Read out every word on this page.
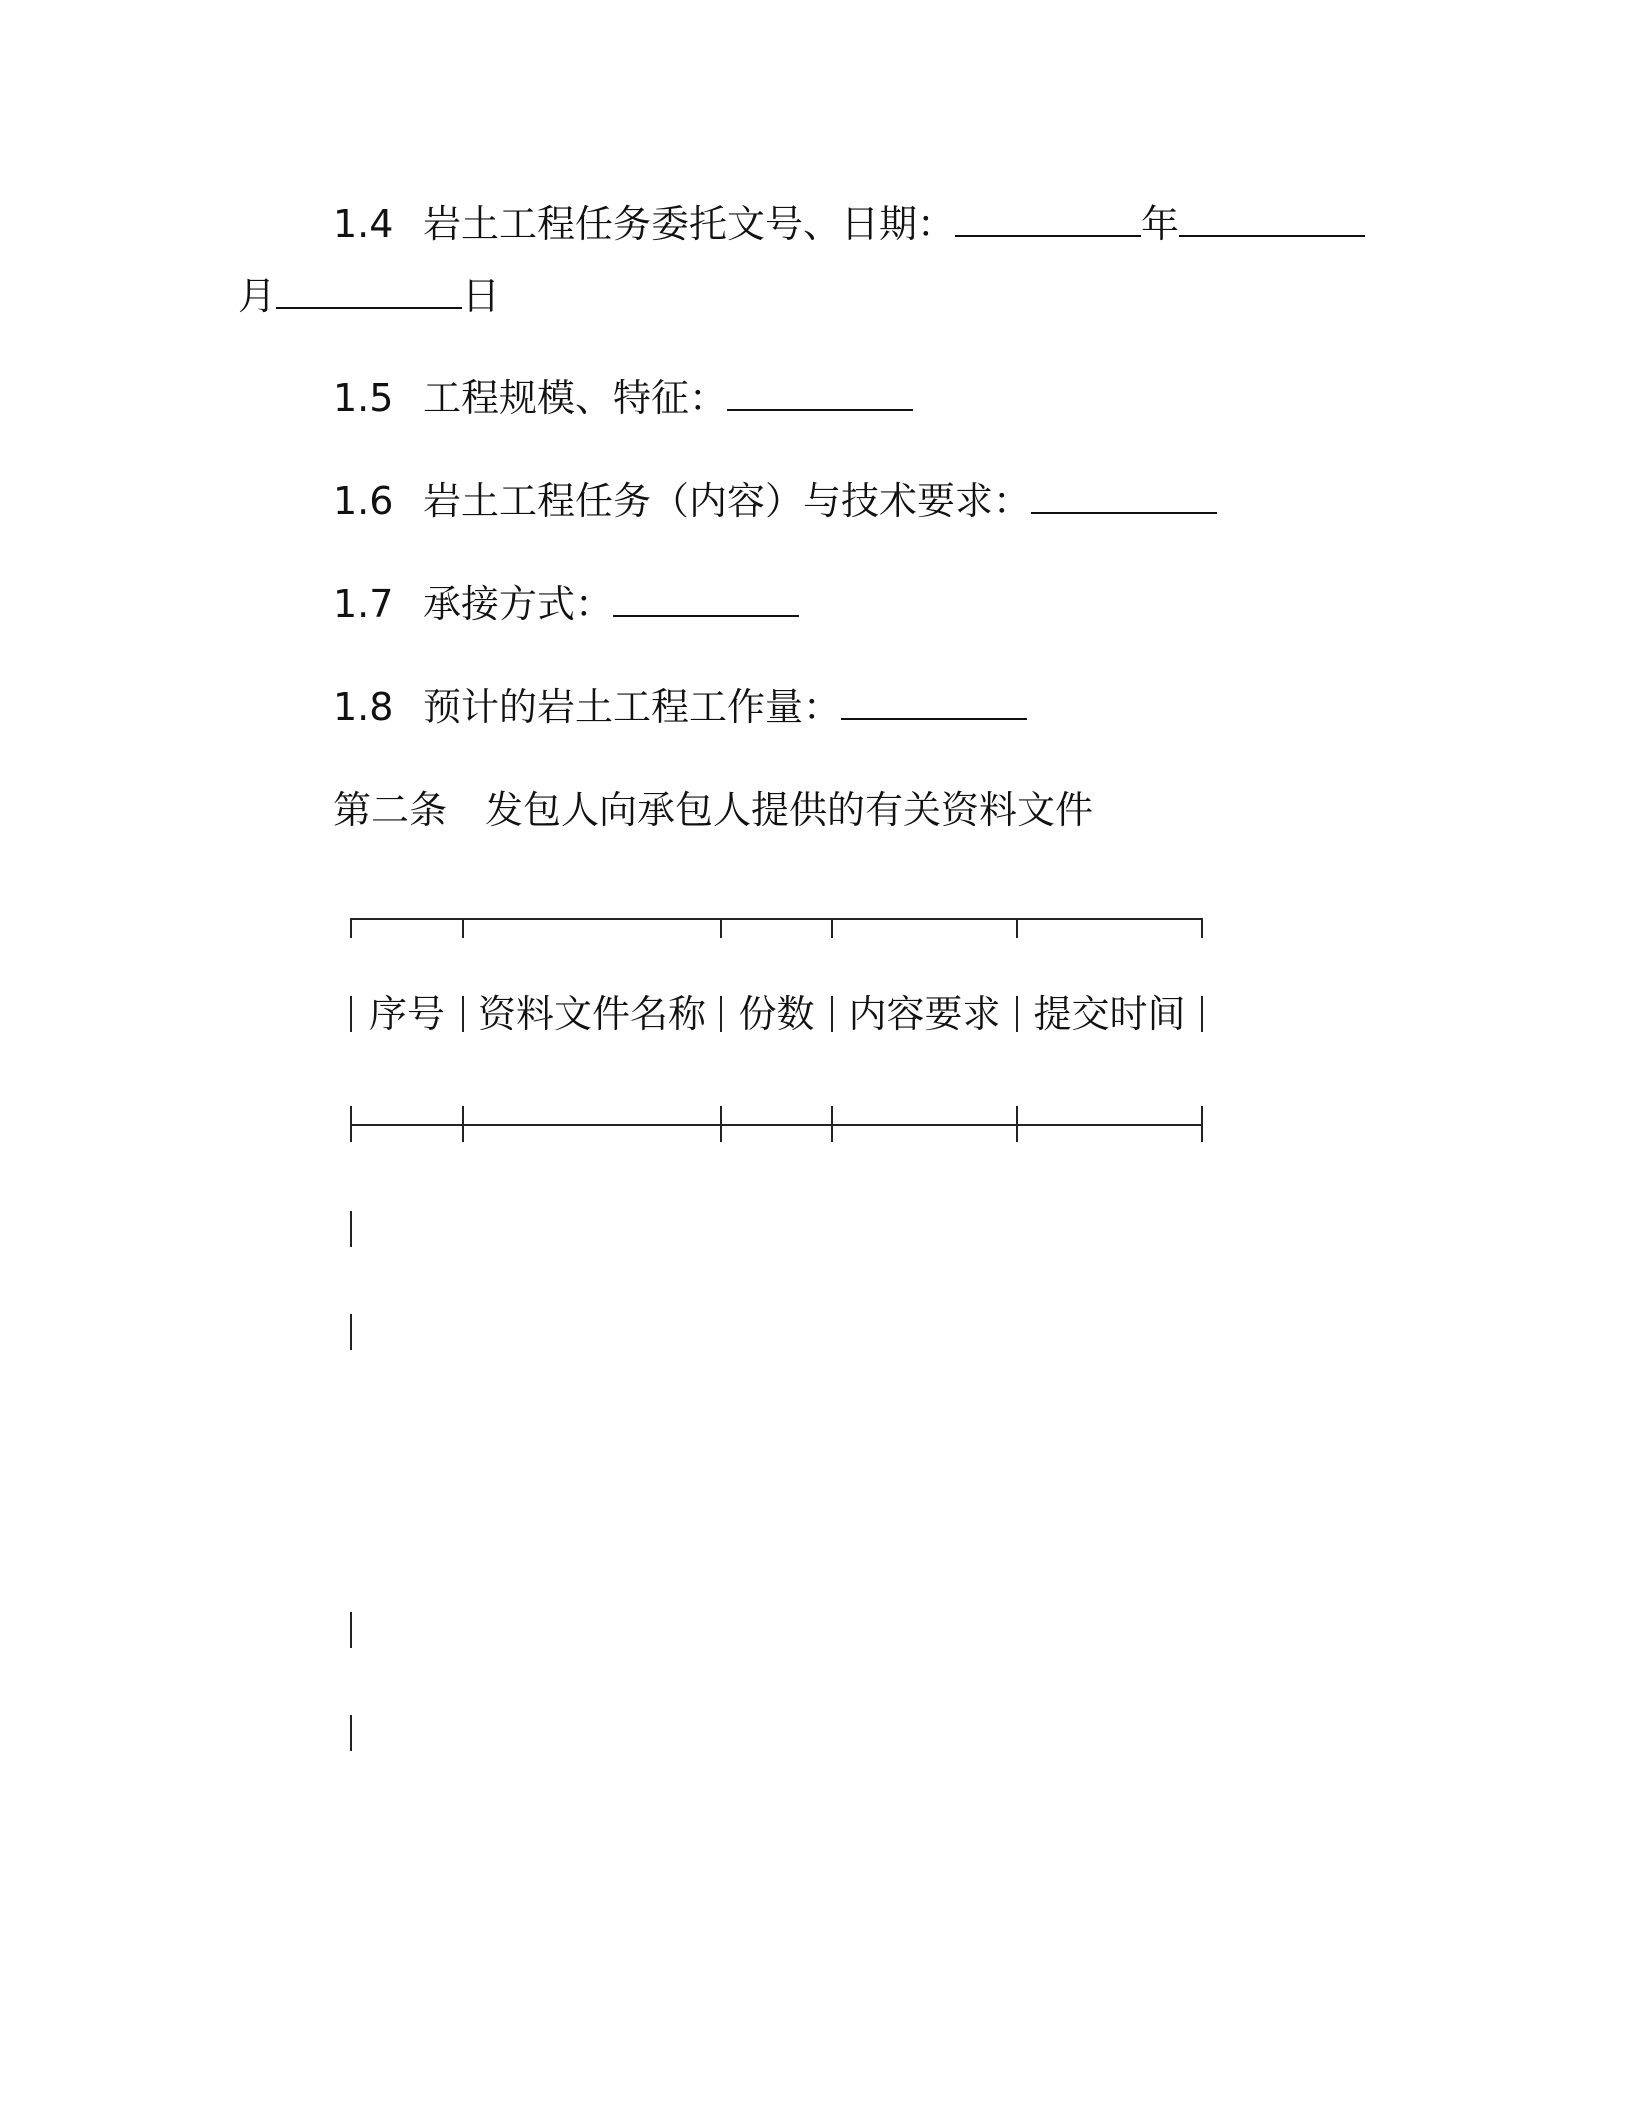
1.4 岩土工程任务委托文号、日期：	年
月	日
1.5 工程规模、特征：
1.6 岩土工程任务（内容）与技术要求：
1.7 承接方式：
1.8 预计的岩土工程工作量：
第二条 发包人向承包人提供的有关资料文件
序号 资料文件名称 份数 内容要求 提交时间
